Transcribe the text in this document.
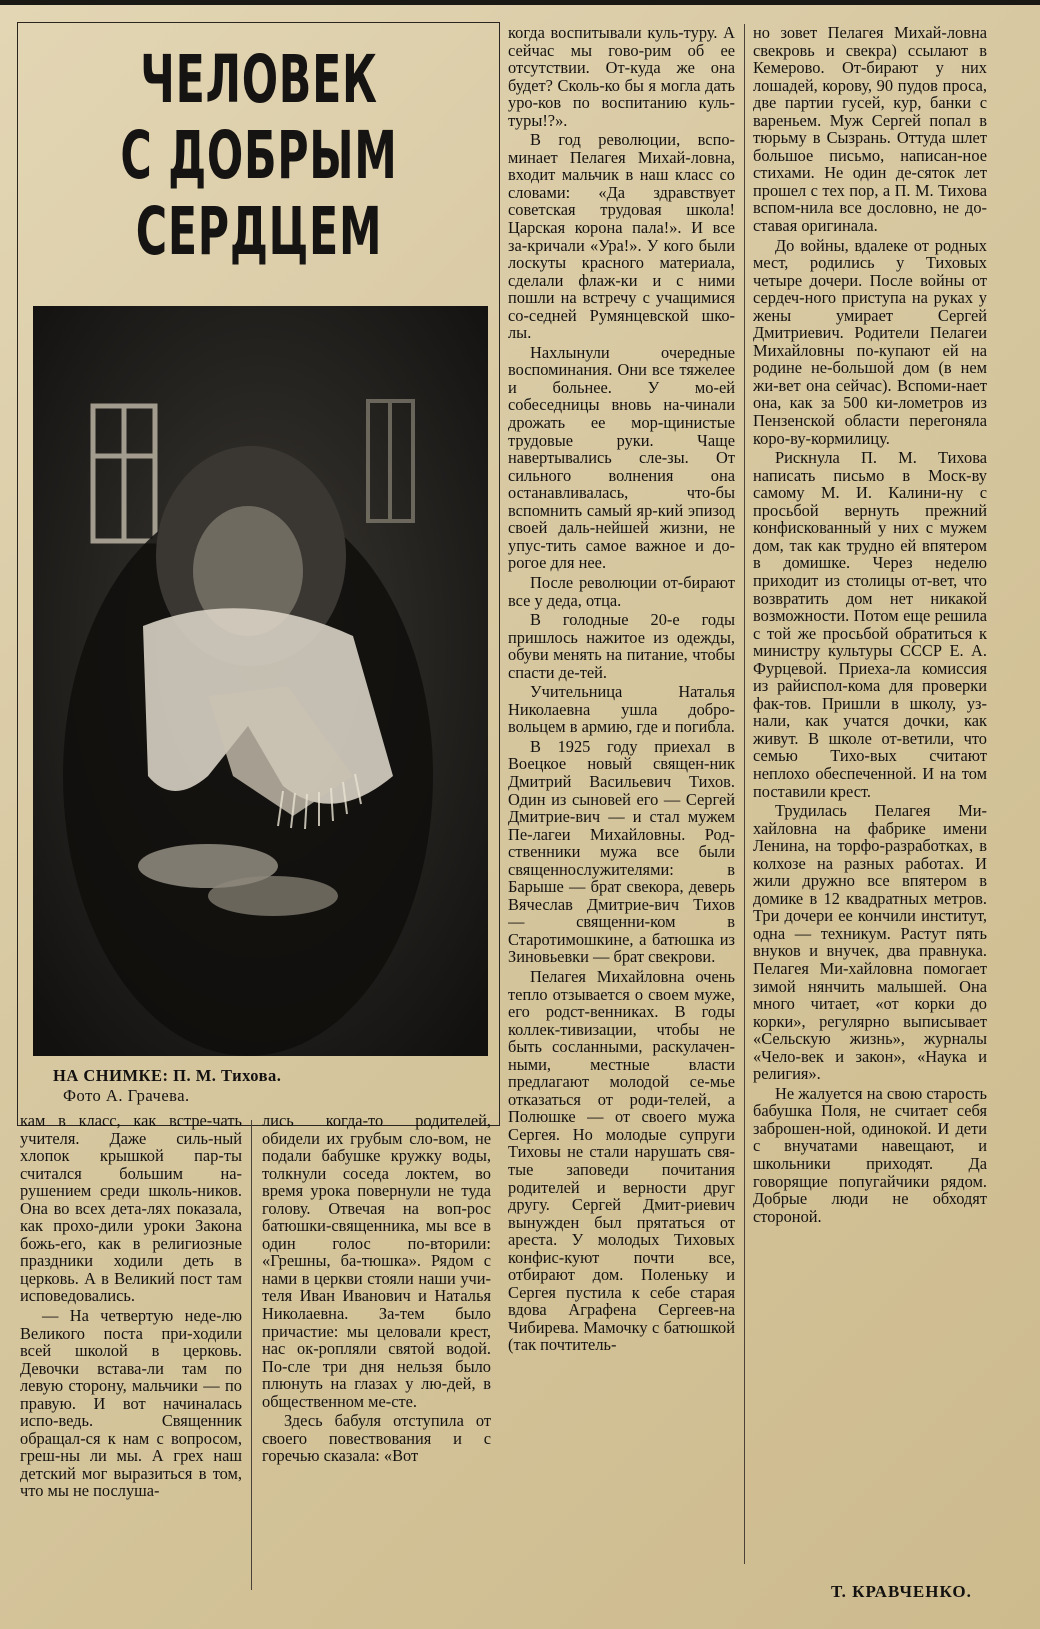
ЧЕЛОВЕК
С ДОБРЫМ
СЕРДЦЕМ
НА СНИМКЕ: П. М. Тихова.
Фото А. Грачева.

кам в класс, как встре-чать учителя. Даже силь-ный хлопок крышкой пар-ты считался большим на-рушением среди школь-ников. Она во всех дета-лях показала, как прохо-дили уроки Закона божь-его, как в религиозные праздники ходили деть в церковь. А в Великий пост там исповедовались.

— На четвертую неде-лю Великого поста при-ходили всей школой в церковь. Девочки встава-ли там по левую сторону, мальчики — по правую. И вот начиналась испо-ведь. Священник обращал-ся к нам с вопросом, греш-ны ли мы. А грех наш детский мог выразиться в том, что мы не послуша-

лись когда-то родителей, обидели их грубым сло-вом, не подали бабушке кружку воды, толкнули соседа локтем, во время урока повернули не туда голову. Отвечая на воп-рос батюшки-священника, мы все в один голос по-вторили: «Грешны, ба-тюшка». Рядом с нами в церкви стояли наши учи-теля Иван Иванович и Наталья Николаевна. За-тем было причастие: мы целовали крест, нас ок-ропляли святой водой. По-сле три дня нельзя было плюнуть на глазах у лю-дей, в общественном ме-сте.

Здесь бабуля отступила от своего повествования и с горечью сказала: «Вот

когда воспитывали куль-туру. А сейчас мы гово-рим об ее отсутствии. От-куда же она будет? Сколь-ко бы я могла дать уро-ков по воспитанию куль-туры!?».

В год революции, вспо-минает Пелагея Михай-ловна, входит мальчик в наш класс со словами: «Да здравствует советская трудовая школа! Царская корона пала!». И все за-кричали «Ура!». У кого были лоскуты красного материала, сделали флаж-ки и с ними пошли на встречу с учащимися со-седней Румянцевской шко-лы.

Нахлынули очередные воспоминания. Они все тяжелее и больнее. У мо-ей собеседницы вновь на-чинали дрожать ее мор-щинистые трудовые руки. Чаще навертывались сле-зы. От сильного волнения она останавливалась, что-бы вспомнить самый яр-кий эпизод своей даль-нейшей жизни, не упус-тить самое важное и до-рогое для нее.

После революции от-бирают все у деда, отца.

В голодные 20-е годы пришлось нажитое из одежды, обуви менять на питание, чтобы спасти де-тей.

Учительница Наталья Николаевна ушла добро-вольцем в армию, где и погибла.

В 1925 году приехал в Воецкое новый священ-ник Дмитрий Васильевич Тихов. Один из сыновей его — Сергей Дмитрие-вич — и стал мужем Пе-лагеи Михайловны. Род-ственники мужа все были священнослужителями: в Барыше — брат свекора, деверь Вячеслав Дмитрие-вич Тихов — священни-ком в Старотимошкине, а батюшка из Зиновьевки — брат свекрови.

Пелагея Михайловна очень тепло отзывается о своем муже, его родст-венниках. В годы коллек-тивизации, чтобы не быть сосланными, раскулачен-ными, местные власти предлагают молодой се-мье отказаться от роди-телей, а Полюшке — от своего мужа Сергея. Но молодые супруги Тиховы не стали нарушать свя-тые заповеди почитания родителей и верности друг другу. Сергей Дмит-риевич вынужден был прятаться от ареста. У молодых Тиховых конфис-куют почти все, отбирают дом. Поленьку и Сергея пустила к себе старая вдова Аграфена Сергеев-на Чибирева. Мамочку с батюшкой (так почтитель-

но зовет Пелагея Михай-ловна свекровь и свекра) ссылают в Кемерово. От-бирают у них лошадей, корову, 90 пудов проса, две партии гусей, кур, банки с вареньем. Муж Сергей попал в тюрьму в Сызрань. Оттуда шлет большое письмо, написан-ное стихами. Не один де-сяток лет прошел с тех пор, а П. М. Тихова вспом-нила все дословно, не до-ставая оригинала.

До войны, вдалеке от родных мест, родились у Тиховых четыре дочери. После войны от сердеч-ного приступа на руках у жены умирает Сергей Дмитриевич. Родители Пелагеи Михайловны по-купают ей на родине не-большой дом (в нем жи-вет она сейчас). Вспоми-нает она, как за 500 ки-лометров из Пензенской области перегоняла коро-ву-кормилицу.

Рискнула П. М. Тихова написать письмо в Моск-ву самому М. И. Калини-ну с просьбой вернуть прежний конфискованный у них с мужем дом, так как трудно ей впятером в домишке. Через неделю приходит из столицы от-вет, что возвратить дом нет никакой возможности. Потом еще решила с той же просьбой обратиться к министру культуры СССР Е. А. Фурцевой. Приеха-ла комиссия из райиспол-кома для проверки фак-тов. Пришли в школу, уз-нали, как учатся дочки, как живут. В школе от-ветили, что семью Тихо-вых считают неплохо обеспеченной. И на том поставили крест.

Трудилась Пелагея Ми-хайловна на фабрике имени Ленина, на торфо-разработках, в колхозе на разных работах. И жили дружно все впятером в домике в 12 квадратных метров. Три дочери ее кончили институт, одна — техникум. Растут пять внуков и внучек, два правнука. Пелагея Ми-хайловна помогает зимой нянчить малышей. Она много читает, «от корки до корки», регулярно выписывает «Сельскую жизнь», журналы «Чело-век и закон», «Наука и религия».

Не жалуется на свою старость бабушка Поля, не считает себя заброшен-ной, одинокой. И дети с внучатами навещают, и школьники приходят. Да говорящие попугайчики рядом. Добрые люди не обходят стороной.

Т. КРАВЧЕНКО.
